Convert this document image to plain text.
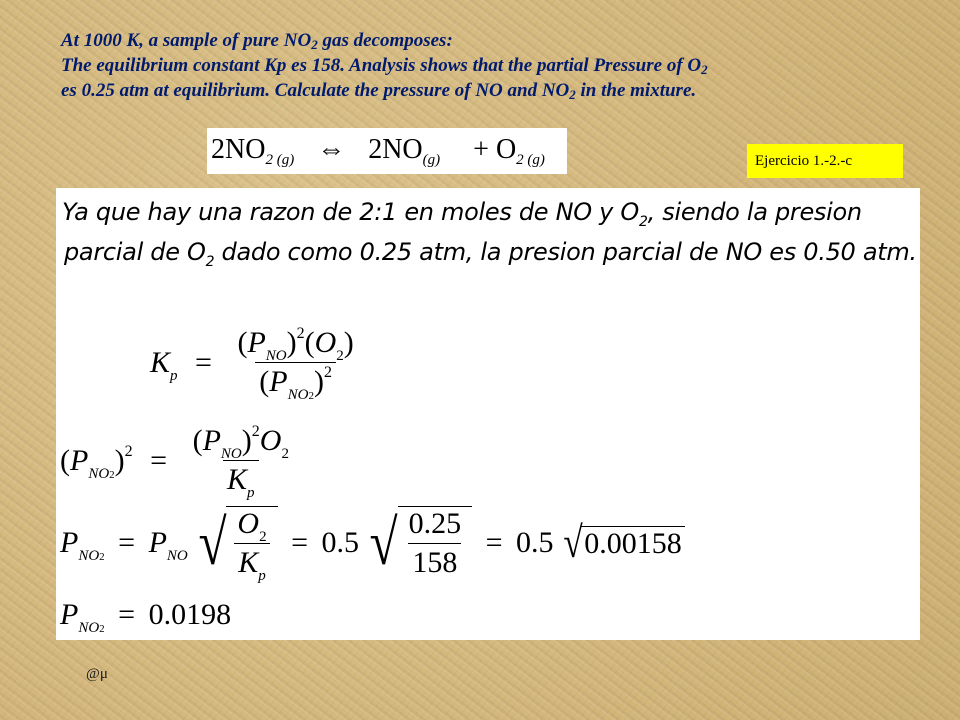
At 1000 K, a sample of pure $NO_2$ gas decomposes:
The equilibrium constant Kp es 158. Analysis shows that the partial Pressure of $O_2$
es 0.25 atm at equilibrium. Calculate the pressure of NO and $NO_2$ in the mixture.
$2NO_{2 (g)}$ ⇔ $2NO_{(g)} + O_{2 (g)}$	Ejercicio 1.-2.-c
Ya que hay una razon de 2:1 en moles de NO y $O_2$, siendo la presion
parcial de $O_2$ dado como 0.25 atm, la presion parcial de NO es 0.50 atm.
$K_p = \frac{(P_{NO})^2(O_2)}{(P_{NO2})^2}$
$(P_{NO2})^2 = \frac{(P_{NO})^2O_2}{K_p}$
$P_{NO2} = P_{NO}$ √ $\frac{O_2}{K_p} = 0.5$ √ $\frac{0.25}{158} = 0.5$ √ 0.00158
$P_{NO2} = 0.0198$
@μ
